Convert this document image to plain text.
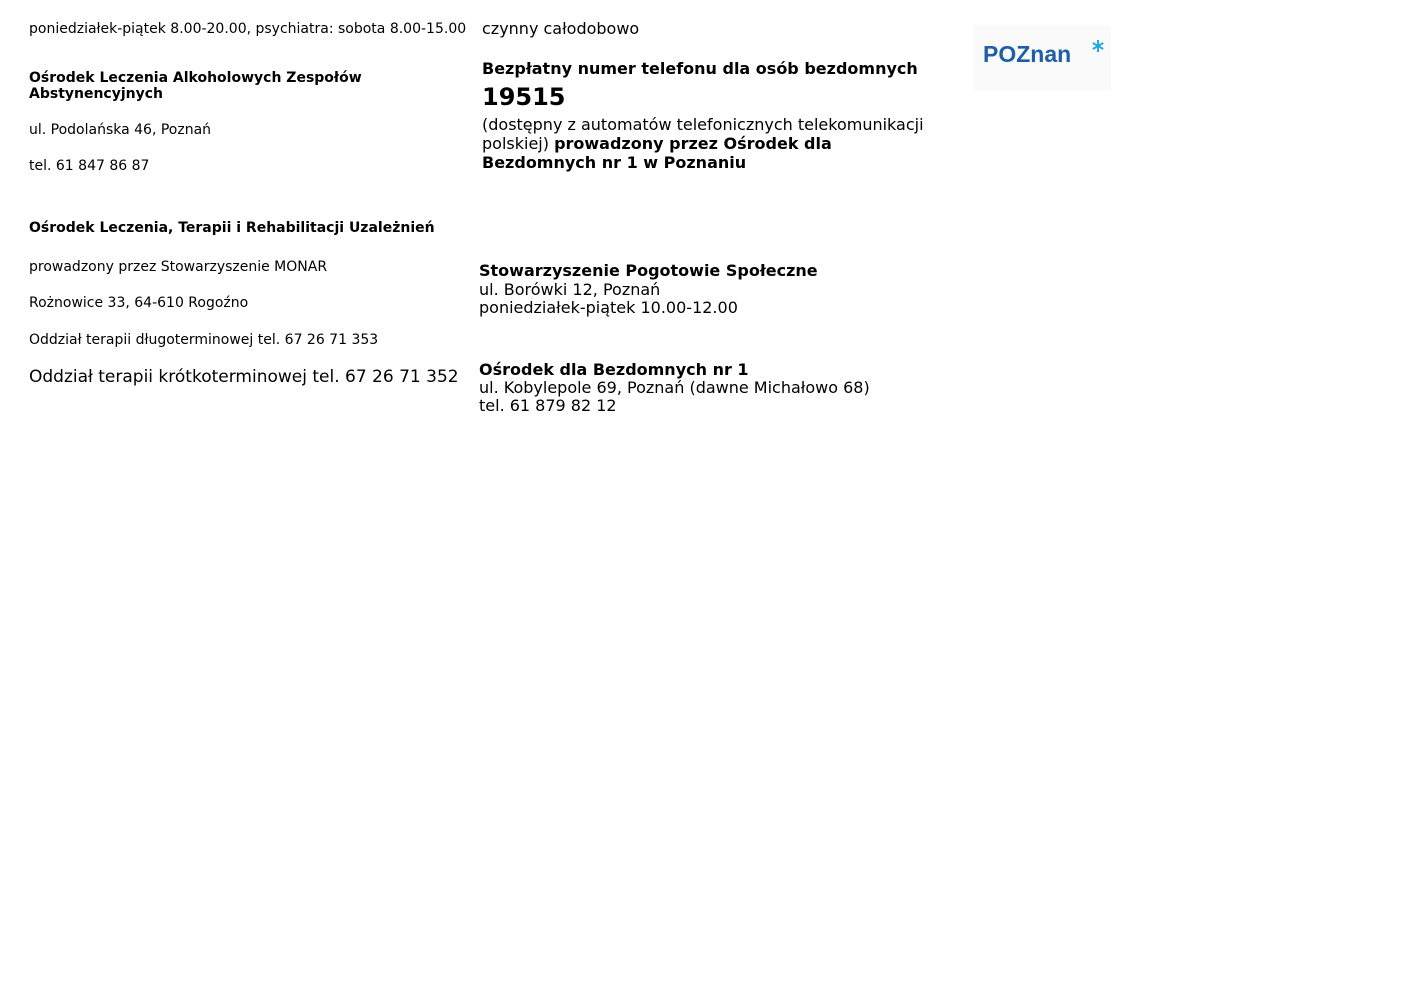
poniedziałek-piątek 8.00-20.00, psychiatra: sobota 8.00-15.00

Ośrodek Leczenia Alkoholowych Zespołów

Abstynencyjnych

ul. Podolańska 46, Poznań

tel. 61 847 86 87

Ośrodek Leczenia, Terapii i Rehabilitacji Uzależnień

prowadzony przez Stowarzyszenie MONAR

Rożnowice 33, 64-610 Rogoźno

Oddział terapii długoterminowej tel. 67 26 71 353

Oddział terapii krótkoterminowej tel. 67 26 71 352

czynny całodobowo

Bezpłatny numer telefonu dla osób bezdomnych

19515

(dostępny z automatów telefonicznych telekomunikacji

polskiej) prowadzony przez Ośrodek dla

Bezdomnych nr 1 w Poznaniu

Stowarzyszenie Pogotowie Społeczne

ul. Borówki 12, Poznań

poniedziałek-piątek 10.00-12.00

Ośrodek dla Bezdomnych nr 1

ul. Kobylepole 69, Poznań (dawne Michałowo 68)

tel. 61 879 82 12

POZnan
